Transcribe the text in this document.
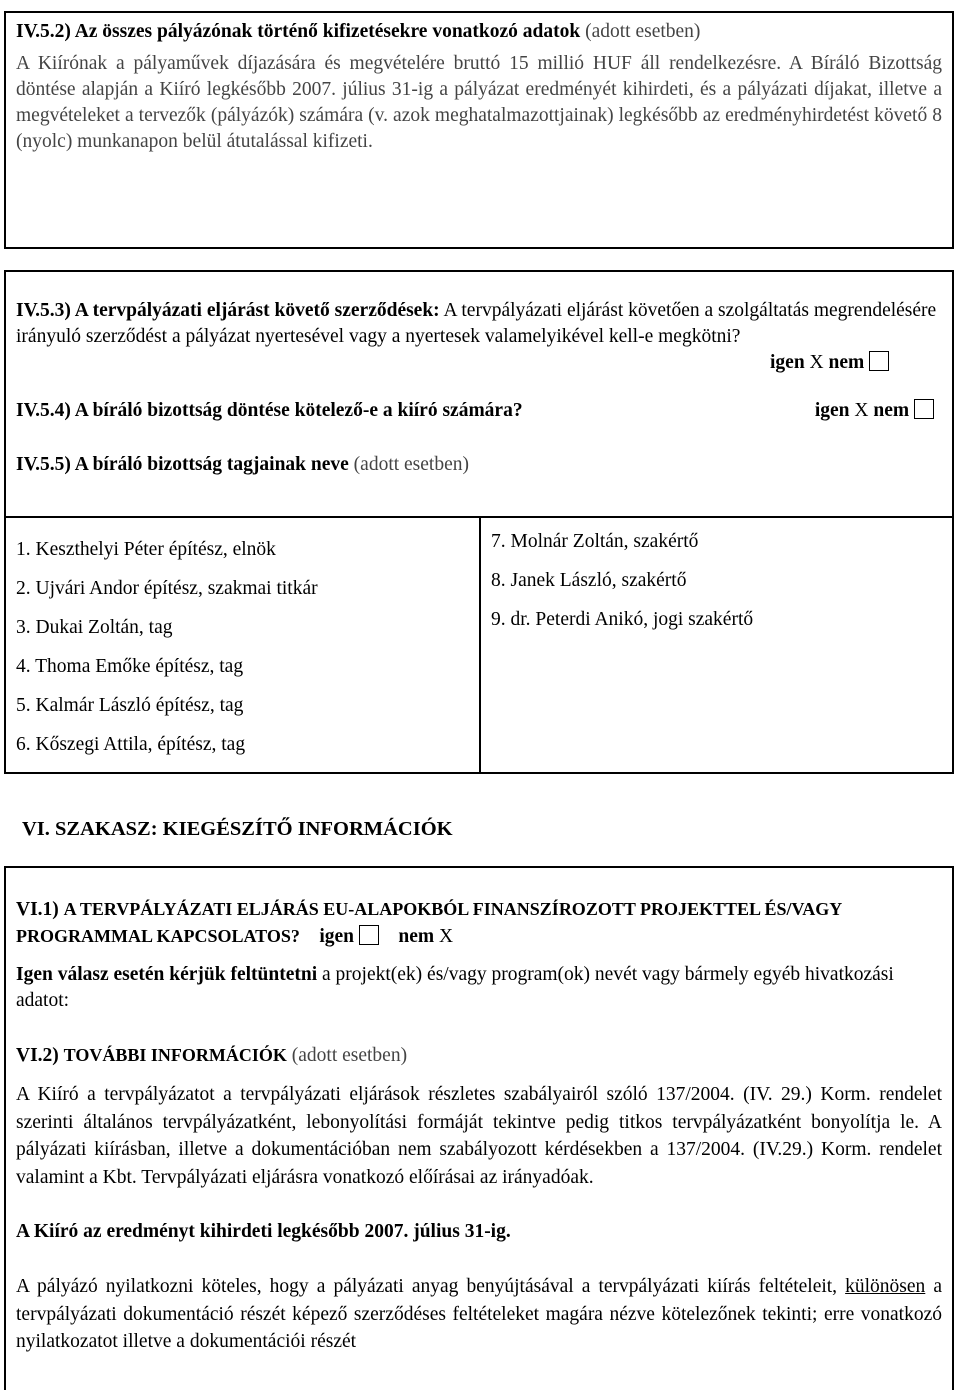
IV.5.2) Az összes pályázónak történő kifizetésekre vonatkozó adatok (adott esetben)
A Kiírónak a pályaművek díjazására és megvételére bruttó 15 millió HUF áll rendelkezésre. A Bíráló Bizottság döntése alapján a Kiíró legkésőbb 2007. július 31-ig a pályázat eredményét kihirdeti, és a pályázati díjakat, illetve a megvételeket a tervezők (pályázók) számára (v. azok meghatalmazottjainak) legkésőbb az eredményhirdetést követő 8 (nyolc) munkanapon belül átutalással kifizeti.
IV.5.3) A tervpályázati eljárást követő szerződések: A tervpályázati eljárást követően a szolgáltatás megrendelésére irányuló szerződést a pályázat nyertesével vagy a nyertesek valamelyikével kell-e megkötni?
igen X nem
IV.5.4) A bíráló bizottság döntése kötelező-e a kiíró számára?	igen X nem
IV.5.5) A bíráló bizottság tagjainak neve (adott esetben)

1. Keszthelyi Péter építész, elnök

2. Ujvári Andor építész, szakmai titkár

3. Dukai Zoltán, tag

4. Thoma Emőke építész, tag

5. Kalmár László építész, tag

6. Kőszegi Attila, építész, tag

7. Molnár Zoltán, szakértő

8. Janek László, szakértő

9. dr. Peterdi Anikó, jogi szakértő

VI. SZAKASZ: KIEGÉSZÍTŐ INFORMÁCIÓK
VI.1) A TERVPÁLYÁZATI ELJÁRÁS EU-ALAPOKBÓL FINANSZÍROZOTT PROJEKTTEL ÉS/VAGY
PROGRAMMAL KAPCSOLATOS? igen nem X
Igen válasz esetén kérjük feltüntetni a projekt(ek) és/vagy program(ok) nevét vagy bármely egyéb hivatkozási adatot:
VI.2) TOVÁBBI INFORMÁCIÓK (adott esetben)
A Kiíró a tervpályázatot a tervpályázati eljárások részletes szabályairól szóló 137/2004. (IV. 29.) Korm. rendelet szerinti általános tervpályázatként, lebonyolítási formáját tekintve pedig titkos tervpályázatként bonyolítja le. A pályázati kiírásban, illetve a dokumentációban nem szabályozott kérdésekben a 137/2004. (IV.29.) Korm. rendelet valamint a Kbt. Tervpályázati eljárásra vonatkozó előírásai az irányadóak.
A Kiíró az eredményt kihirdeti legkésőbb 2007. július 31-ig.
A pályázó nyilatkozni köteles, hogy a pályázati anyag benyújtásával a tervpályázati kiírás feltételeit, különösen a tervpályázati dokumentáció részét képező szerződéses feltételeket magára nézve kötelezőnek tekinti; erre vonatkozó nyilatkozatot illetve a dokumentációi részét
